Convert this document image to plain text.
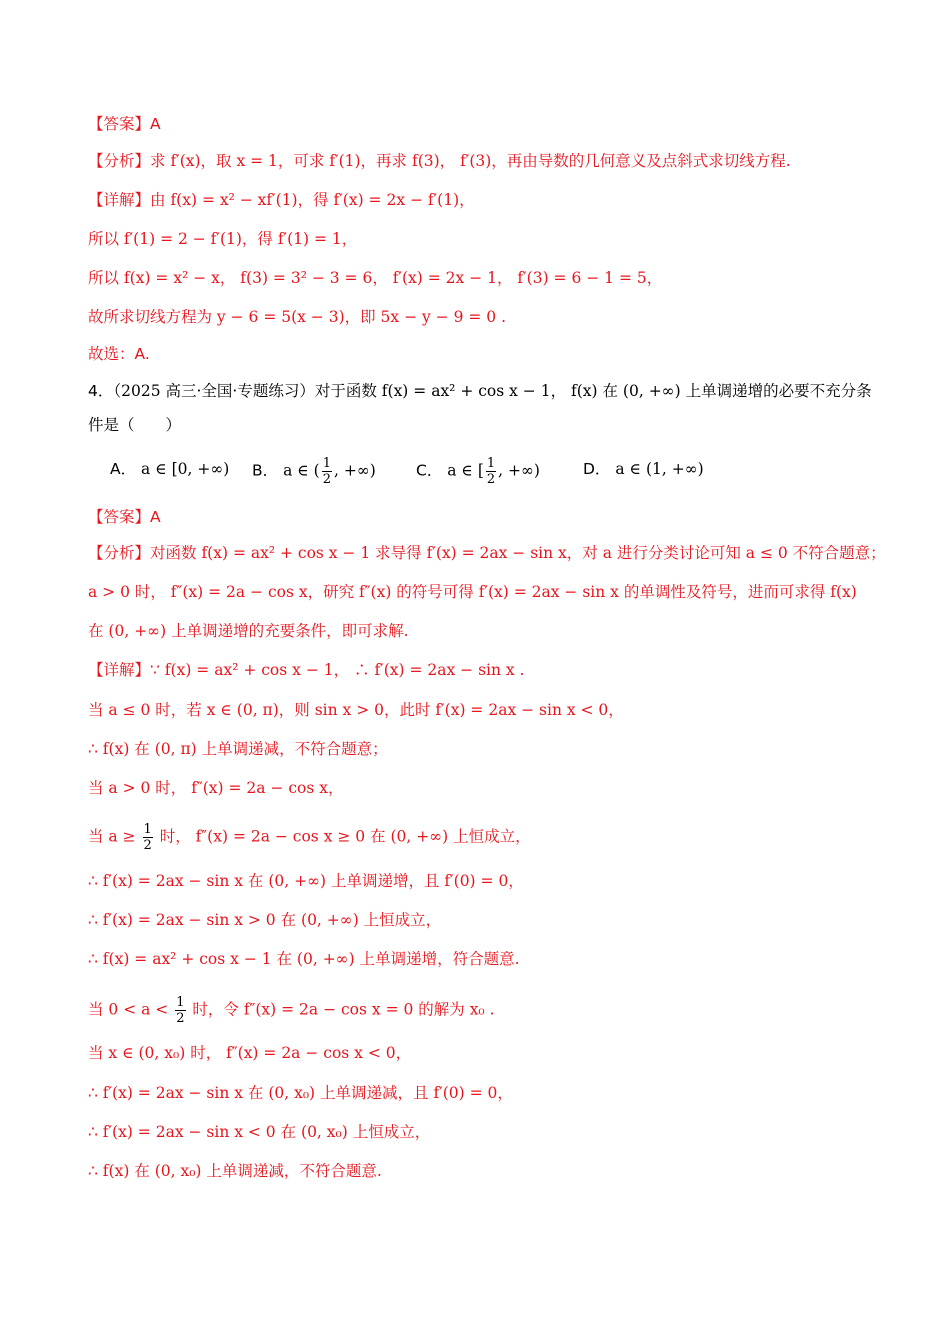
【答案】A
【分析】求 f′(x)，取 x = 1，可求 f′(1)，再求 f(3)， f′(3)，再由导数的几何意义及点斜式求切线方程.
【详解】由 f(x) = x² − xf′(1)，得 f′(x) = 2x − f′(1)，
所以 f′(1) = 2 − f′(1)，得 f′(1) = 1，
所以 f(x) = x² − x， f(3) = 3² − 3 = 6， f′(x) = 2x − 1， f′(3) = 6 − 1 = 5，
故所求切线方程为 y − 6 = 5(x − 3)，即 5x − y − 9 = 0 .
故选：A.
4．（2025 高三·全国·专题练习）对于函数 f(x) = ax² + cos x − 1， f(x) 在 (0, +∞) 上单调递增的必要不充分条
件是（　　）
A． a ∈ [0, +∞) B． a ∈ ( $\frac{1}{2}$ , +∞)	C． a ∈ [ $\frac{1}{2}$ , +∞)	D． a ∈ (1, +∞)
【答案】A
【分析】对函数 f(x) = ax² + cos x − 1 求导得 f′(x) = 2ax − sin x，对 a 进行分类讨论可知 a ≤ 0 不符合题意；
a > 0 时， f″(x) = 2a − cos x，研究 f″(x) 的符号可得 f′(x) = 2ax − sin x 的单调性及符号，进而可求得 f(x)
在 (0, +∞) 上单调递增的充要条件，即可求解.
【详解】∵ f(x) = ax² + cos x − 1， ∴ f′(x) = 2ax − sin x .
当 a ≤ 0 时，若 x ∈ (0, π)，则 sin x > 0，此时 f′(x) = 2ax − sin x < 0，
∴ f(x) 在 (0, π) 上单调递减，不符合题意；
当 a > 0 时， f″(x) = 2a − cos x，
当 $a \ge \frac{1}{2}$ 时， f″(x) = 2a − cos x ≥ 0 在 (0, +∞) 上恒成立，
∴ f′(x) = 2ax − sin x 在 (0, +∞) 上单调递增，且 f′(0) = 0，
∴ f′(x) = 2ax − sin x > 0 在 (0, +∞) 上恒成立，
∴ f(x) = ax² + cos x − 1 在 (0, +∞) 上单调递增，符合题意.
当 $0 < a < \frac{1}{2}$ 时，令 f″(x) = 2a − cos x = 0 的解为 x₀ .
当 x ∈ (0, x₀) 时， f″(x) = 2a − cos x < 0，
∴ f′(x) = 2ax − sin x 在 (0, x₀) 上单调递减，且 f′(0) = 0，
∴ f′(x) = 2ax − sin x < 0 在 (0, x₀) 上恒成立，
∴ f(x) 在 (0, x₀) 上单调递减，不符合题意.
